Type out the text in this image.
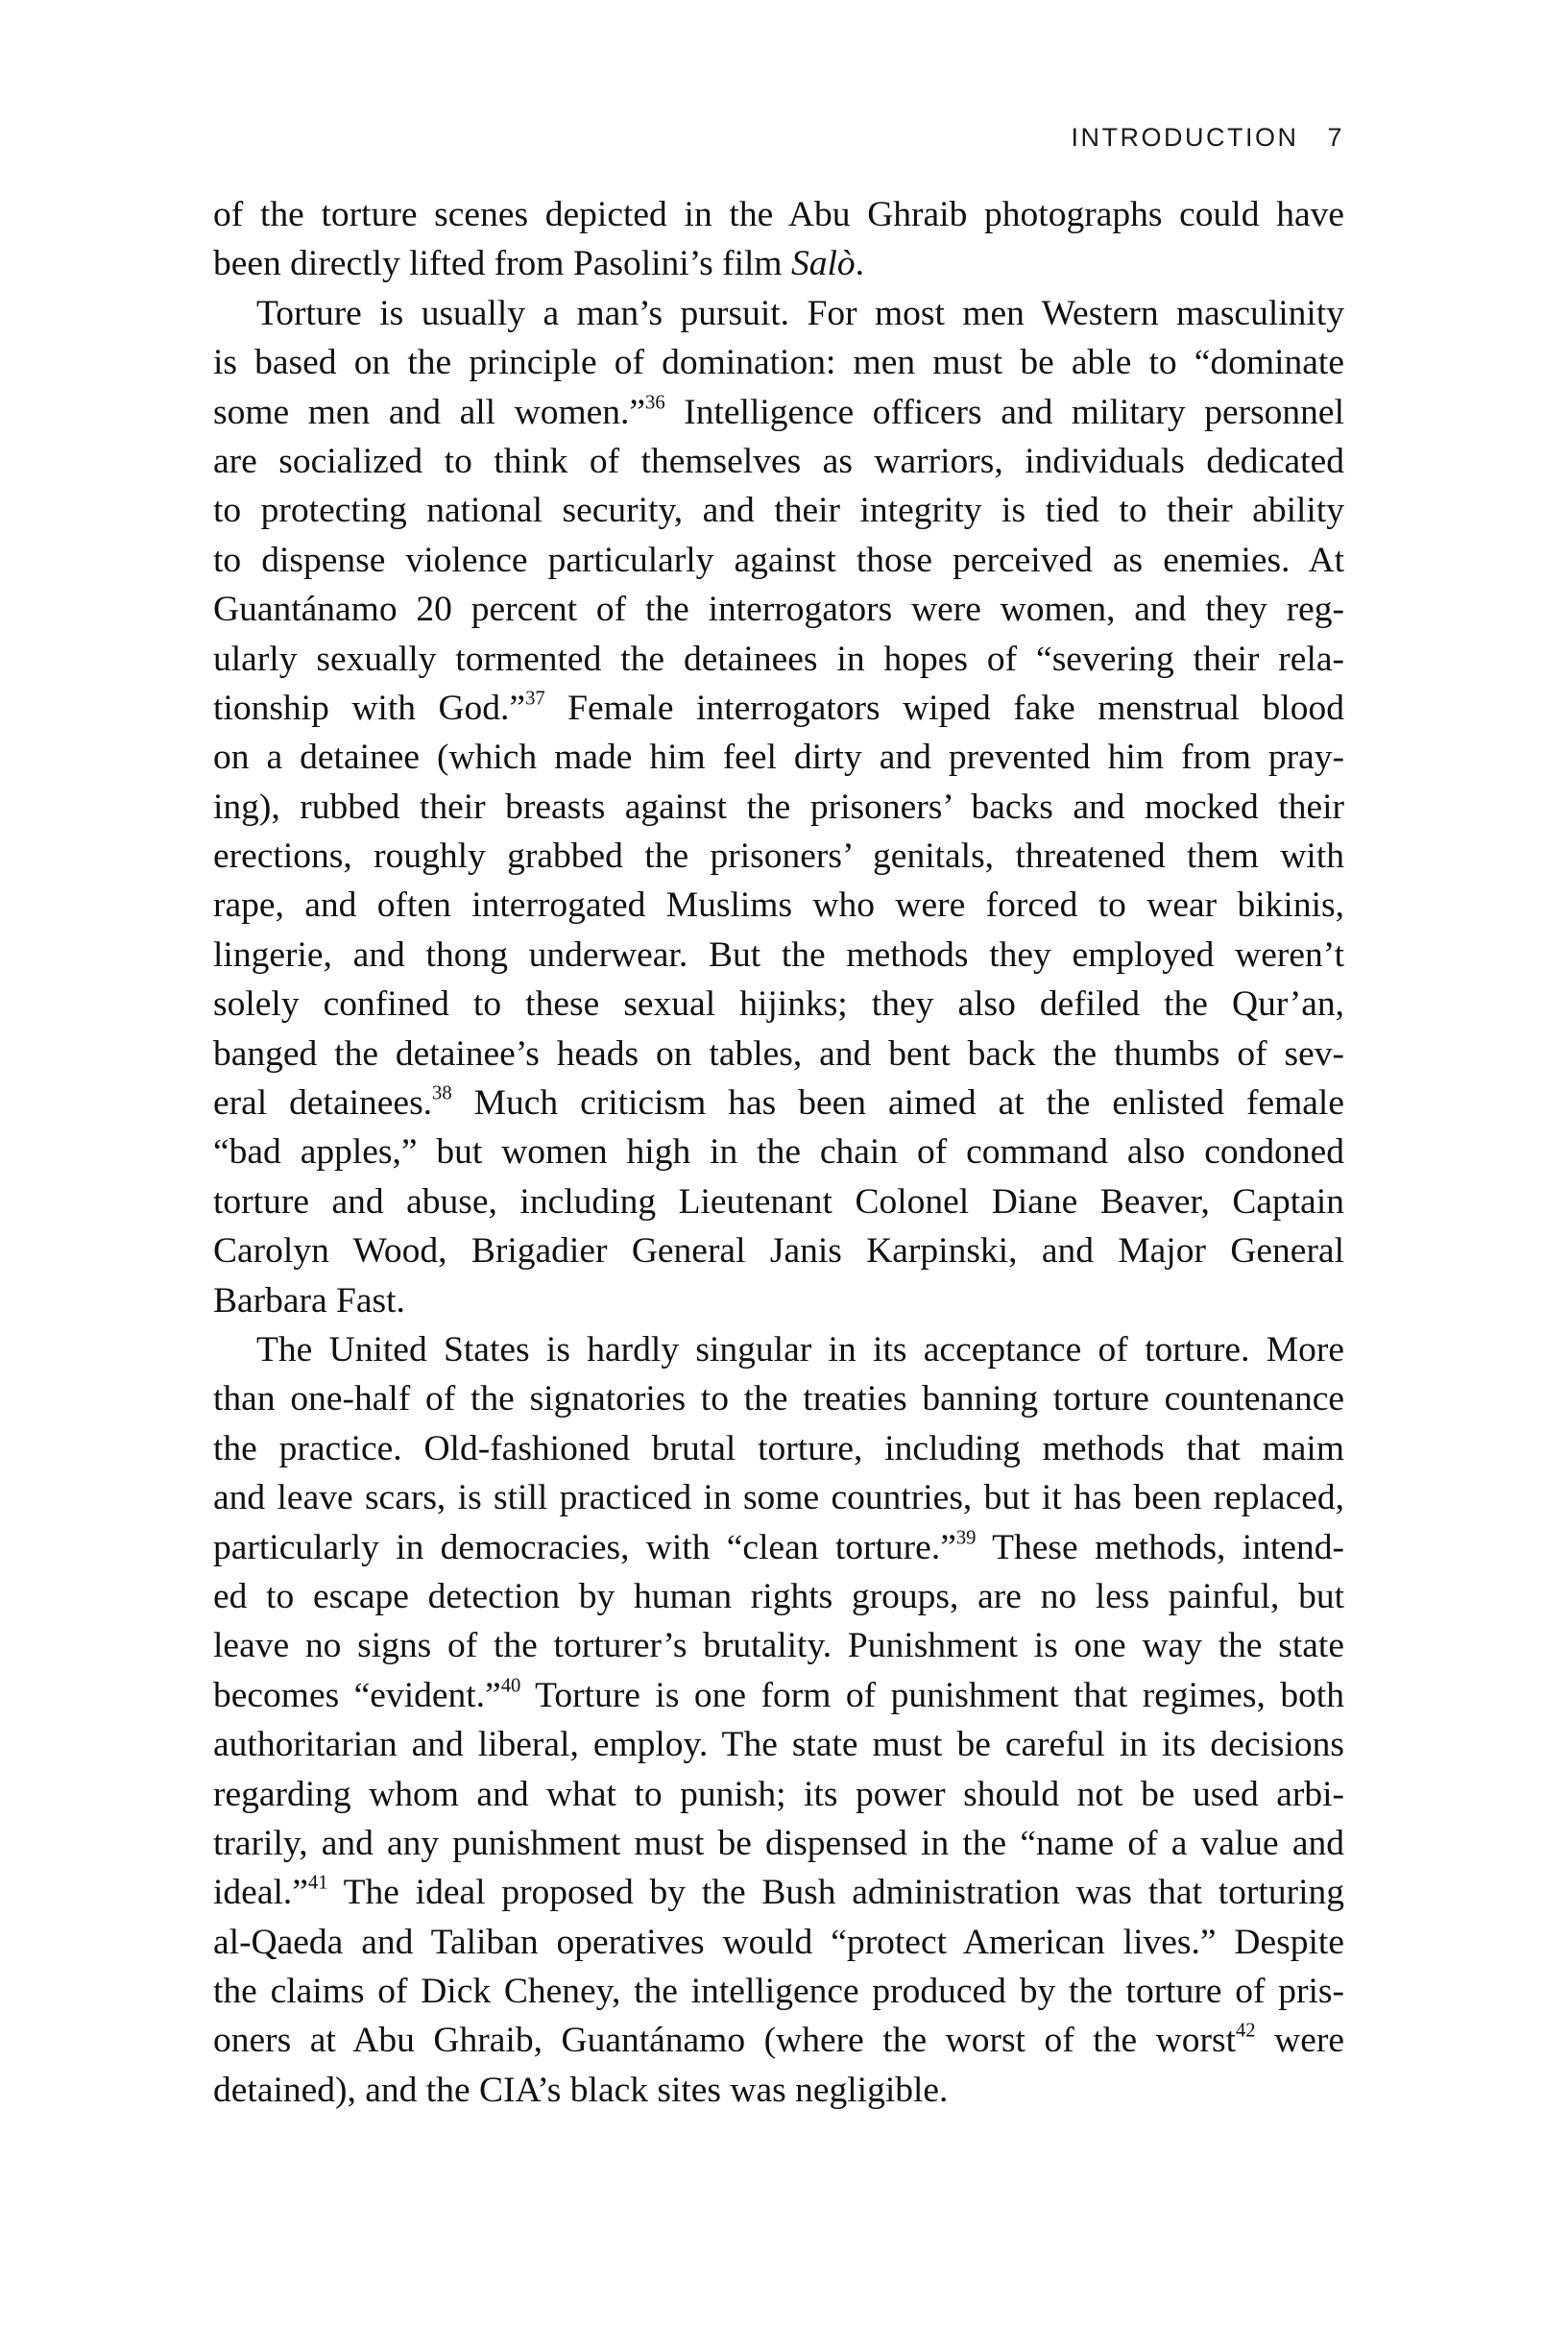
INTRODUCTION 7
of the torture scenes depicted in the Abu Ghraib photographs could have
been directly lifted from Pasolini’s film Salò.
Torture is usually a man’s pursuit. For most men Western masculinity
is based on the principle of domination: men must be able to “dominate
some men and all women.”$^{36}$ Intelligence officers and military personnel
are socialized to think of themselves as warriors, individuals dedicated
to protecting national security, and their integrity is tied to their ability
to dispense violence particularly against those perceived as enemies. At
Guantánamo 20 percent of the interrogators were women, and they reg-
ularly sexually tormented the detainees in hopes of “severing their rela-
tionship with God.”$^{37}$ Female interrogators wiped fake menstrual blood
on a detainee (which made him feel dirty and prevented him from pray-
ing), rubbed their breasts against the prisoners’ backs and mocked their
erections, roughly grabbed the prisoners’ genitals, threatened them with
rape, and often interrogated Muslims who were forced to wear bikinis,
lingerie, and thong underwear. But the methods they employed weren’t
solely confined to these sexual hijinks; they also defiled the Qur’an,
banged the detainee’s heads on tables, and bent back the thumbs of sev-
eral detainees.$^{38}$ Much criticism has been aimed at the enlisted female
“bad apples,” but women high in the chain of command also condoned
torture and abuse, including Lieutenant Colonel Diane Beaver, Captain
Carolyn Wood, Brigadier General Janis Karpinski, and Major General
Barbara Fast.
The United States is hardly singular in its acceptance of torture. More
than one-half of the signatories to the treaties banning torture countenance
the practice. Old-fashioned brutal torture, including methods that maim
and leave scars, is still practiced in some countries, but it has been replaced,
particularly in democracies, with “clean torture.”$^{39}$ These methods, intend-
ed to escape detection by human rights groups, are no less painful, but
leave no signs of the torturer’s brutality. Punishment is one way the state
becomes “evident.”$^{40}$ Torture is one form of punishment that regimes, both
authoritarian and liberal, employ. The state must be careful in its decisions
regarding whom and what to punish; its power should not be used arbi-
trarily, and any punishment must be dispensed in the “name of a value and
ideal.”$^{41}$ The ideal proposed by the Bush administration was that torturing
al-Qaeda and Taliban operatives would “protect American lives.” Despite
the claims of Dick Cheney, the intelligence produced by the torture of pris-
oners at Abu Ghraib, Guantánamo (where the worst of the worst$^{42}$ were
detained), and the CIA’s black sites was negligible.
